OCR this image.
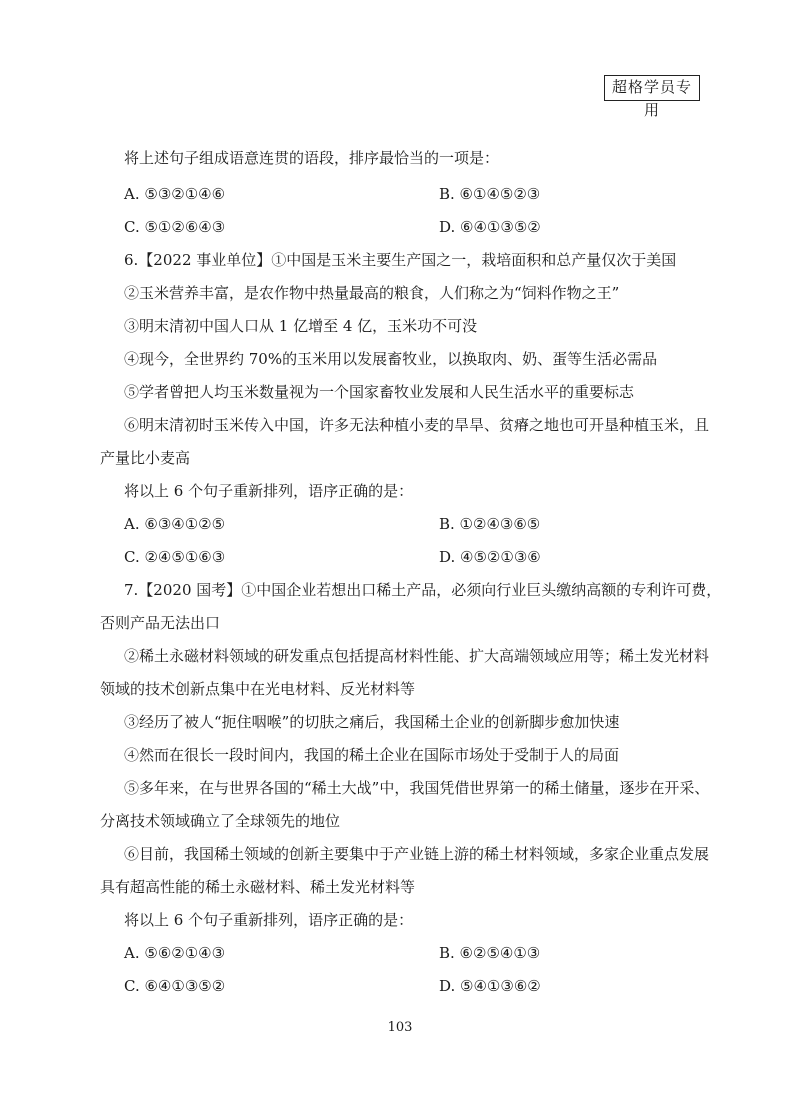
超格学员专用
将上述句子组成语意连贯的语段，排序最恰当的一项是：
A. ⑤③②①④⑥	B. ⑥①④⑤②③
C. ⑤①②⑥④③	D. ⑥④①③⑤②
6.【2022 事业单位】①中国是玉米主要生产国之一，栽培面积和总产量仅次于美国
②玉米营养丰富，是农作物中热量最高的粮食，人们称之为“饲料作物之王”
③明末清初中国人口从 1 亿增至 4 亿，玉米功不可没
④现今，全世界约 70%的玉米用以发展畜牧业，以换取肉、奶、蛋等生活必需品
⑤学者曾把人均玉米数量视为一个国家畜牧业发展和人民生活水平的重要标志
⑥明末清初时玉米传入中国，许多无法种植小麦的旱旱、贫瘠之地也可开垦种植玉米，且
产量比小麦高
将以上 6 个句子重新排列，语序正确的是：
A. ⑥③④①②⑤	B. ①②④③⑥⑤
C. ②④⑤①⑥③	D. ④⑤②①③⑥
7.【2020 国考】①中国企业若想出口稀土产品，必须向行业巨头缴纳高额的专利许可费，
否则产品无法出口
②稀土永磁材料领域的研发重点包括提高材料性能、扩大高端领域应用等；稀土发光材料
领域的技术创新点集中在光电材料、反光材料等
③经历了被人“扼住咽喉”的切肤之痛后，我国稀土企业的创新脚步愈加快速
④然而在很长一段时间内，我国的稀土企业在国际市场处于受制于人的局面
⑤多年来，在与世界各国的“稀土大战”中，我国凭借世界第一的稀土储量，逐步在开采、
分离技术领域确立了全球领先的地位
⑥目前，我国稀土领域的创新主要集中于产业链上游的稀土材料领域，多家企业重点发展
具有超高性能的稀土永磁材料、稀土发光材料等
将以上 6 个句子重新排列，语序正确的是：
A. ⑤⑥②①④③	B. ⑥②⑤④①③
C. ⑥④①③⑤②	D. ⑤④①③⑥②
103
